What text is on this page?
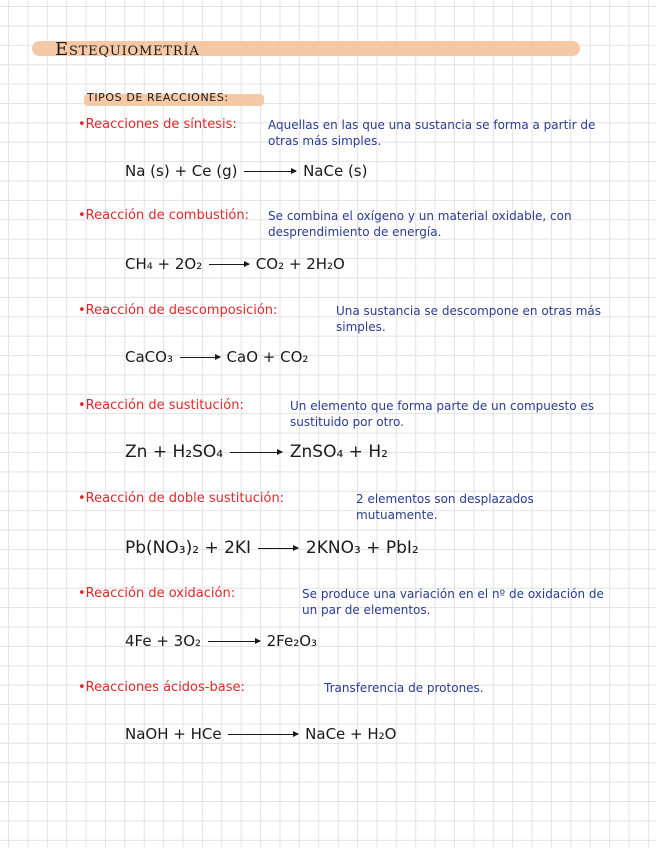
Estequiometría
TIPOS DE REACCIONES:
•Reacciones de síntesis:	Aquellas en las que una sustancia se forma a partir de otras más simples.
Na (s) + Ce (g) → NaCe (s)
•Reacción de combustión: Se combina el oxígeno y un material oxidable, con desprendimiento de energía.
CH₄ + 2O₂ → CO₂ + 2H₂O
•Reacción de descomposición:	Una sustancia se descompone en otras más simples.
CaCO₃ → CaO + CO₂
•Reacción de sustitución:	Un elemento que forma parte de un compuesto es sustituido por otro.
Zn + H₂SO₄ → ZnSO₄ + H₂
•Reacción de doble sustitución:	2 elementos son desplazados mutuamente.
Pb(NO₃)₂ + 2KI → 2KNO₃ + PbI₂
•Reacción de oxidación:	Se produce una variación en el nº de oxidación de un par de elementos.
4Fe + 3O₂ → 2Fe₂O₃
•Reacciones ácidos-base:	Transferencia de protones.
NaOH + HCe	NaCe + H₂O
